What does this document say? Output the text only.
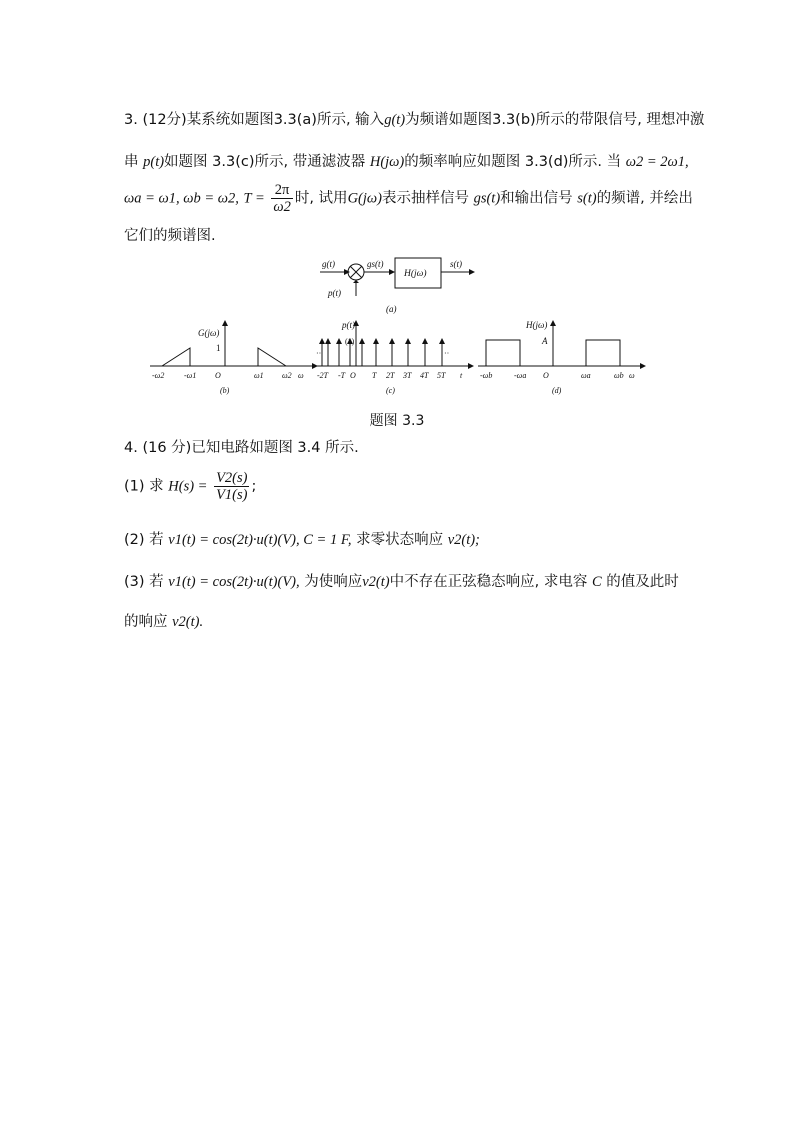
3. (12分)某系统如题图3.3(a)所示, 输入g(t)为频谱如题图3.3(b)所示的带限信号, 理想冲激
串 p(t)如题图 3.3(c)所示, 带通滤波器 H(jω)的频率响应如题图 3.3(d)所示. 当 ω2 = 2ω1,
ωa = ω1, ωb = ω2, $T = \frac{2\pi}{\omega 2}$ 时, 试用G(jω)表示抽样信号 gs(t)和输出信号 s(t)的频谱, 并绘出
它们的频谱图.
g(t)	gs(t)
H(jω)
s(t)
p(t)
(a)
G(jω)
1
-ω2 -ω1 O	ω1 ω2 ω
(b)
··	··
p(t)
(1)
-2T -T O T 2T 3T 4T 5T t
(c)
H(jω)
A
-ωb	-ωa O	ωa	ωb ω
(d)
题图 3.3
4. (16 分)已知电路如题图 3.4 所示.
(1) 求 $H(s) = \frac{V2(s)}{V1(s)}$ ;
(2) 若 v1(t) = cos(2t)·u(t)(V), C = 1 F, 求零状态响应 v2(t);
(3) 若 v1(t) = cos(2t)·u(t)(V), 为使响应v2(t)中不存在正弦稳态响应, 求电容 C 的值及此时
的响应 v2(t).
